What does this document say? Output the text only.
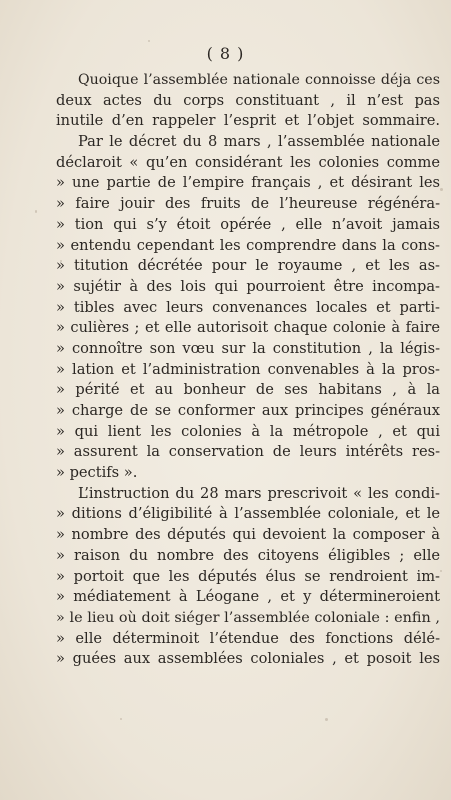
( 8 )
Quoique l’assemblée nationale connoisse déja ces
deux actes du corps constituant , il n’est pas
inutile d’en rappeler l’esprit et l’objet sommaire.
Par le décret du 8 mars , l’assemblée nationale
déclaroit « qu’en considérant les colonies comme
» une partie de l’empire français , et désirant les
» faire jouir des fruits de l’heureuse régénéra-
» tion qui s’y étoit opérée , elle n’avoit jamais
» entendu cependant les comprendre dans la cons-
» titution décrétée pour le royaume , et les as-
» sujétir à des lois qui pourroient être incompa-
» tibles avec leurs convenances locales et parti-
» culières ; et elle autorisoit chaque colonie à faire
» connoître son vœu sur la constitution , la légis-
» lation et l’administration convenables à la pros-
» périté et au bonheur de ses habitans , à la
» charge de se conformer aux principes généraux
» qui lient les colonies à la métropole , et qui
» assurent la conservation de leurs intérêts res-
» pectifs ».
L’instruction du 28 mars prescrivoit « les condi-
» ditions d’éligibilité à l’assemblée coloniale, et le
» nombre des députés qui devoient la composer à
» raison du nombre des citoyens éligibles ; elle
» portoit que les députés élus se rendroient im-
» médiatement à Léogane , et y détermineroient
» le lieu où doit siéger l’assemblée coloniale : enfin ,
» elle déterminoit l’étendue des fonctions délé-
» guées aux assemblées coloniales , et posoit les
